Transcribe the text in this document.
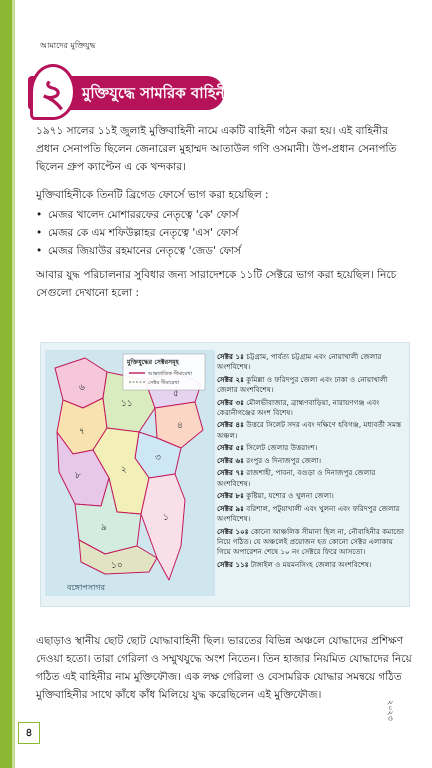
আমাদের মুক্তিযুদ্ধ
২	মুক্তিযুদ্ধে সামরিক বাহিনী

১৯৭১ সালের ১১ই জুলাই মুক্তিবাহিনী নামে একটি বাহিনী গঠন করা হয়। এই বাহিনীর প্রধান সেনাপতি ছিলেন জেনারেল মুহাম্মদ আতাউল গণি ওসমানী। উপ-প্রধান সেনাপতি ছিলেন গ্রুপ ক্যাপ্টেন এ কে খন্দকার।

মুক্তিবাহিনীকে তিনটি ব্রিগেড ফোর্সে ভাগ করা হয়েছিল :

• মেজর খালেদ মোশাররফের নেতৃত্বে 'কে' ফোর্স
• মেজর কে এম শফিউল্লাহর নেতৃত্বে 'এস' ফোর্স
• মেজর জিয়াউর রহমানের নেতৃত্বে 'জেড' ফোর্স

আবার যুদ্ধ পরিচালনার সুবিধার জন্য সারাদেশকে ১১টি সেক্টরে ভাগ করা হয়েছিল। নিচে সেগুলো দেখানো হলো :

মুক্তিযুদ্ধের সেক্টরসমূহ
আন্তর্জাতিক সীমারেখা
সেক্টর সীমারেখা
৬
৭
১১
৫
৪
৩
২
৮
৯
১
১০
বঙ্গোপসাগর
সেক্টর ১ঃ চট্টগ্রাম, পার্বত্য চট্টগ্রাম এবং নোয়াখালী জেলার অংশবিশেষ।
সেক্টর ২ঃ কুমিল্লা ও ফরিদপুর জেলা এবং ঢাকা ও নোয়াখালী জেলার অংশবিশেষ।
সেক্টর ৩ঃ মৌলভীবাজার, ব্রাহ্মণবাড়িয়া, নারায়ণগঞ্জ এবং কেরানীগঞ্জের অংশ বিশেষ।
সেক্টর ৪ঃ উত্তরে সিলেট সদর এবং দক্ষিণে হবিগঞ্জ, মধ্যবর্তী সমস্ত অঞ্চল।
সেক্টর ৫ঃ সিলেট জেলার উত্তরাংশ।
সেক্টর ৬ঃ রংপুর ও দিনাজপুর জেলা।
সেক্টর ৭ঃ রাজশাহী, পাবনা, বগুড়া ও দিনাজপুর জেলার অংশবিশেষ।
সেক্টর ৮ঃ কুষ্টিয়া, যশোর ও খুলনা জেলা।
সেক্টর ৯ঃ বরিশাল, পটুয়াখালী এবং খুলনা এবং ফরিদপুর জেলার অংশবিশেষ।
সেক্টর ১০ঃ কোনো আঞ্চলিক সীমানা ছিল না, নৌবাহিনীর কমান্ডো নিয়ে গঠিত। যে অঞ্চলেই প্রয়োজন হত কোনো সেক্টর এলাকায় গিয়ে অপারেশন শেষে ১০ নং সেক্টরে ফিরে আসতো।
সেক্টর ১১ঃ টাঙ্গাইল ও ময়মনসিংহ জেলার অংশবিশেষ।

এছাড়াও স্থানীয় ছোট ছোট যোদ্ধাবাহিনী ছিল। ভারতের বিভিন্ন অঞ্চলে যোদ্ধাদের প্রশিক্ষণ দেওয়া হতো। তারা গেরিলা ও সম্মুখযুদ্ধে অংশ নিতেন। তিন হাজার নিয়মিত যোদ্ধাদের নিয়ে গঠিত এই বাহিনীর নাম মুক্তিফৌজ। এক লক্ষ গেরিলা ও বেসামরিক যোদ্ধার সমন্বয়ে গঠিত মুক্তিবাহিনীর সাথে কাঁধে কাঁধ মিলিয়ে যুদ্ধ করেছিলেন এই মুক্তিফৌজ।

৪
২০২৩
